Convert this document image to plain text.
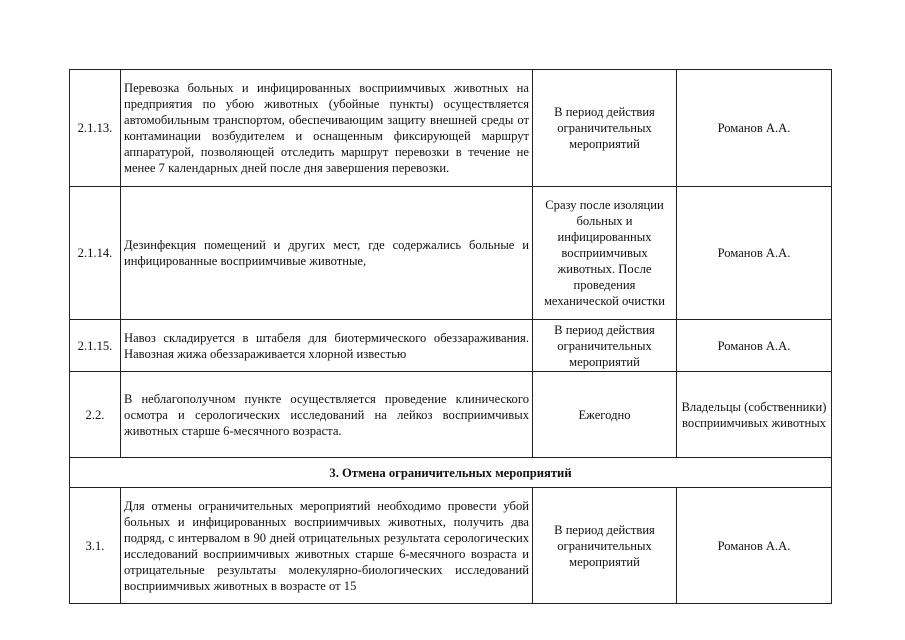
2.1.13.	Перевозка больных и инфицированных восприимчивых животных на предприятия по убою животных (убойные пункты) осуществляется автомобильным транспортом, обеспечивающим защиту внешней среды от контаминации возбудителем и оснащенным фиксирующей маршрут аппаратурой, позволяющей отследить маршрут перевозки в течение не менее 7 календарных дней после дня завершения перевозки.	В период действия ограничительных мероприятий	Романов А.А.
2.1.14.	Дезинфекция помещений и других мест, где содержались больные и инфицированные восприимчивые животные,	Сразу после изоляции больных и инфицированных восприимчивых животных. После проведения механической очистки	Романов А.А.
2.1.15.	Навоз складируется в штабеля для биотермического обеззараживания. Навозная жижа обеззараживается хлорной известью	В период действия ограничительных мероприятий	Романов А.А.
2.2.	В неблагополучном пункте осуществляется проведение клинического осмотра и серологических исследований на лейкоз восприимчивых животных старше 6-месячного возраста.	Ежегодно	Владельцы (собственники) восприимчивых животных
3. Отмена ограничительных мероприятий			
3.1.	Для отмены ограничительных мероприятий необходимо провести убой больных и инфицированных восприимчивых животных, получить два подряд, с интервалом в 90 дней отрицательных результата серологических исследований восприимчивых животных старше 6-месячного возраста и отрицательные результаты молекулярно-биологических исследований восприимчивых животных в возрасте от 15	В период действия ограничительных мероприятий	Романов А.А.
